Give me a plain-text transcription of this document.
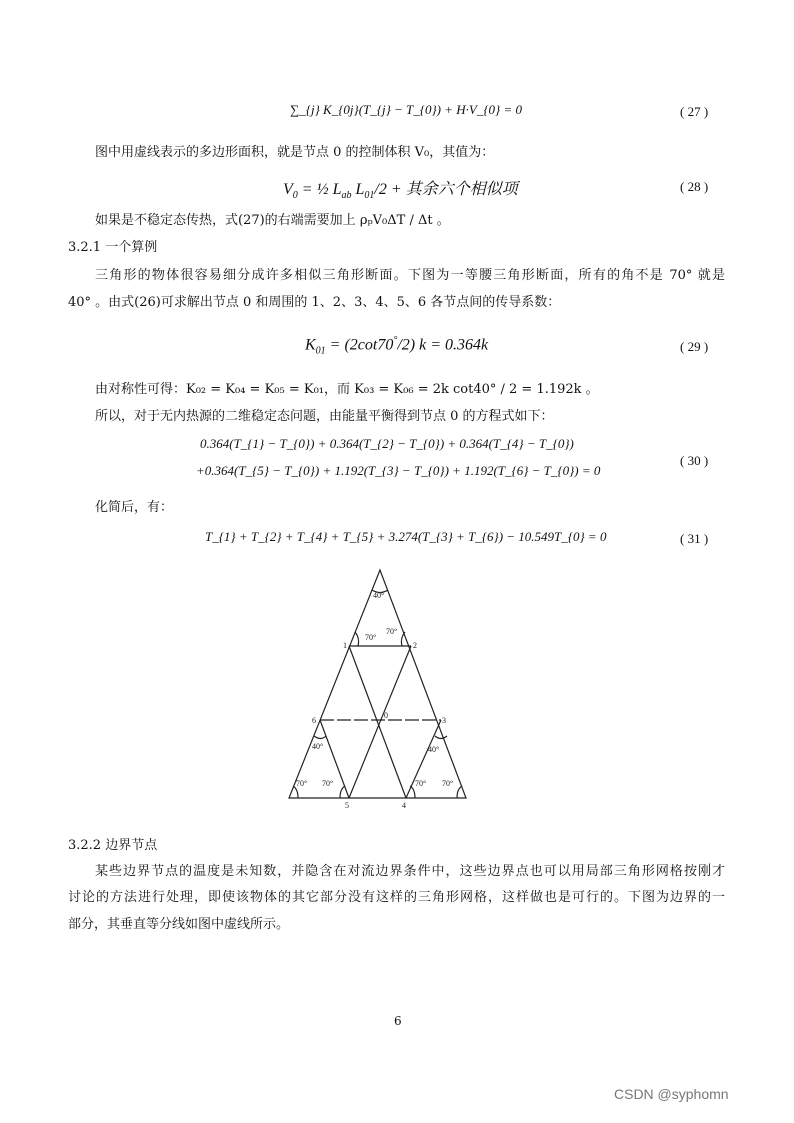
∑_{j} K_{0j}(T_{j} − T_{0}) + H·V_{0} = 0	( 27 )
图中用虚线表示的多边形面积，就是节点 0 的控制体积 V₀，其值为：
$V_0$ = ½ $L_{ab}$ $L_{01}/2$ + 其余六个相似项	( 28 )
如果是不稳定态传热，式(27)的右端需要加上 ρₚV₀ΔT / Δt 。
3.2.1 一个算例
三角形的物体很容易细分成许多相似三角形断面。下图为一等腰三角形断面，所有的角不是 70° 就是
40° 。由式(26)可求解出节点 0 和周围的 1、2、3、4、5、6 各节点间的传导系数：
$K_{01} = (2\cot 70^\circ/2) k = 0.364k$	( 29 )
由对称性可得：K₀₂ = K₀₄ = K₀₅ = K₀₁，而 K₀₃ = K₀₆ = 2k cot40° / 2 = 1.192k 。
所以，对于无内热源的二维稳定态问题，由能量平衡得到节点 0 的方程式如下：
0.364(T_{1} − T_{0}) + 0.364(T_{2} − T_{0}) + 0.364(T_{4} − T_{0})
+0.364(T_{5} − T_{0}) + 1.192(T_{3} − T_{0}) + 1.192(T_{6} − T_{0}) = 0
( 30 )
化简后，有：
T_{1} + T_{2} + T_{4} + T_{5} + 3.274(T_{3} + T_{6}) − 10.549T_{0} = 0	( 31 )
40°
70°
70°
40°	40°
70° 70°	70° 70°
0
1	2
3
4
5
6
3.2.2 边界节点
某些边界节点的温度是未知数，并隐含在对流边界条件中，这些边界点也可以用局部三角形网格按刚才
讨论的方法进行处理，即使该物体的其它部分没有这样的三角形网格，这样做也是可行的。下图为边界的一
部分，其垂直等分线如图中虚线所示。
6
CSDN @syphomn
